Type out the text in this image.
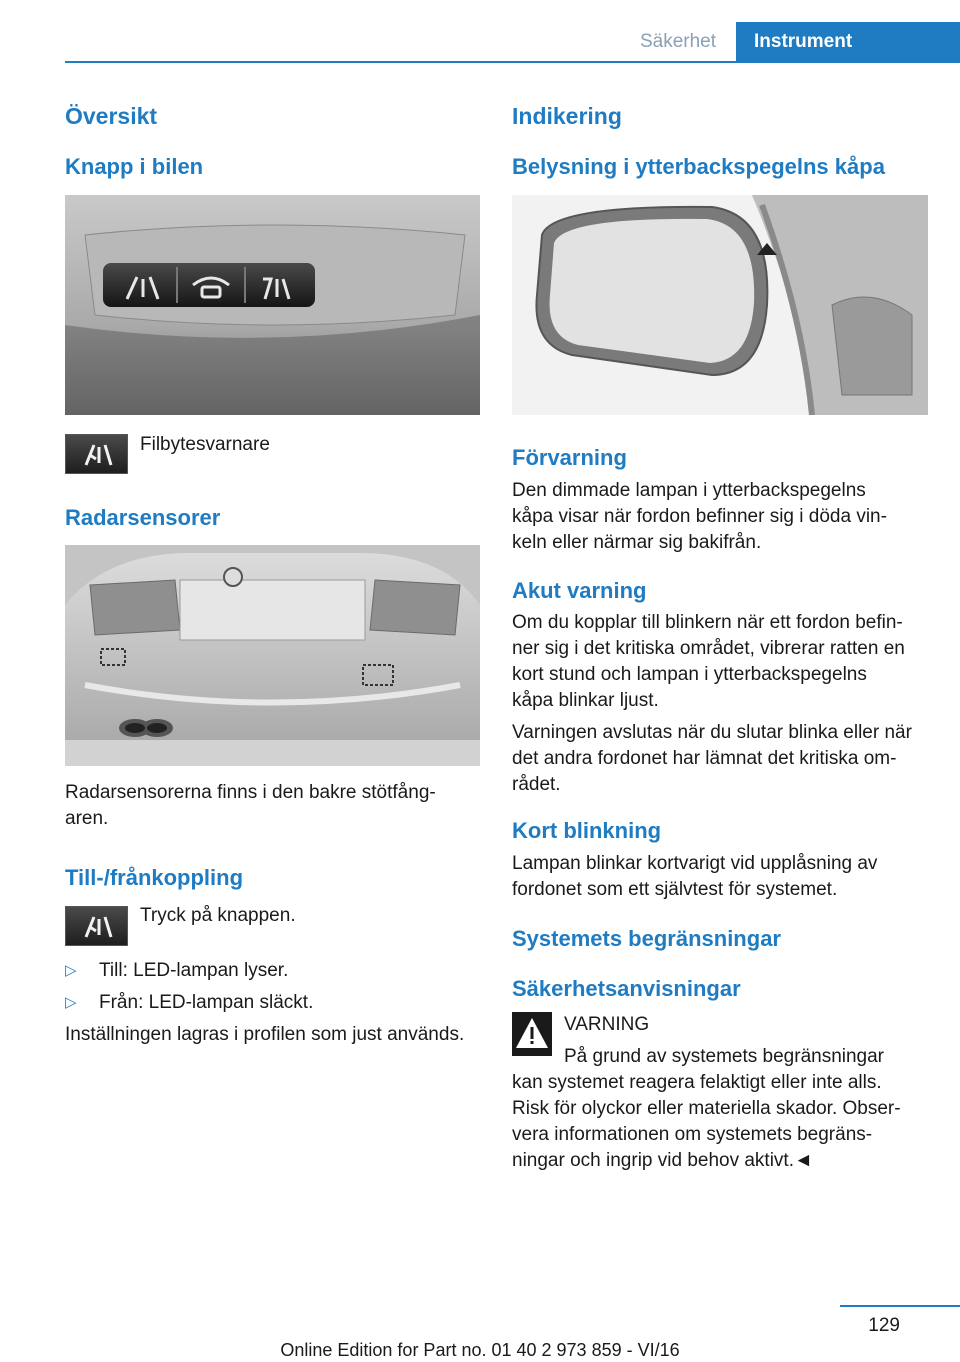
Säkerhet	Instrument
Översikt
Knapp i bilen

Filbytesvarnare

Radarsensorer

Radarsensorerna finns i den bakre stötfång‐

aren.

Till-/frånkoppling

Tryck på knappen.

▷ Till: LED-lampan lyser.
▷ Från: LED-lampan släckt.

Inställningen lagras i profilen som just används.

Indikering
Belysning i ytterbackspegelns kåpa
Förvarning

Den dimmade lampan i ytterbackspegelns

kåpa visar när fordon befinner sig i döda vin‐

keln eller närmar sig bakifrån.

Akut varning

Om du kopplar till blinkern när ett fordon befin‐

ner sig i det kritiska området, vibrerar ratten en

kort stund och lampan i ytterbackspegelns

kåpa blinkar ljust.

Varningen avslutas när du slutar blinka eller när

det andra fordonet har lämnat det kritiska om‐

rådet.

Kort blinkning

Lampan blinkar kortvarigt vid upplåsning av

fordonet som ett självtest för systemet.

Systemets begränsningar
Säkerhetsanvisningar

VARNING

På grund av systemets begränsningar

kan systemet reagera felaktigt eller inte alls.

Risk för olyckor eller materiella skador. Obser‐

vera informationen om systemets begräns‐

ningar och ingrip vid behov aktivt.◄

129
Online Edition for Part no. 01 40 2 973 859 - VI/16
